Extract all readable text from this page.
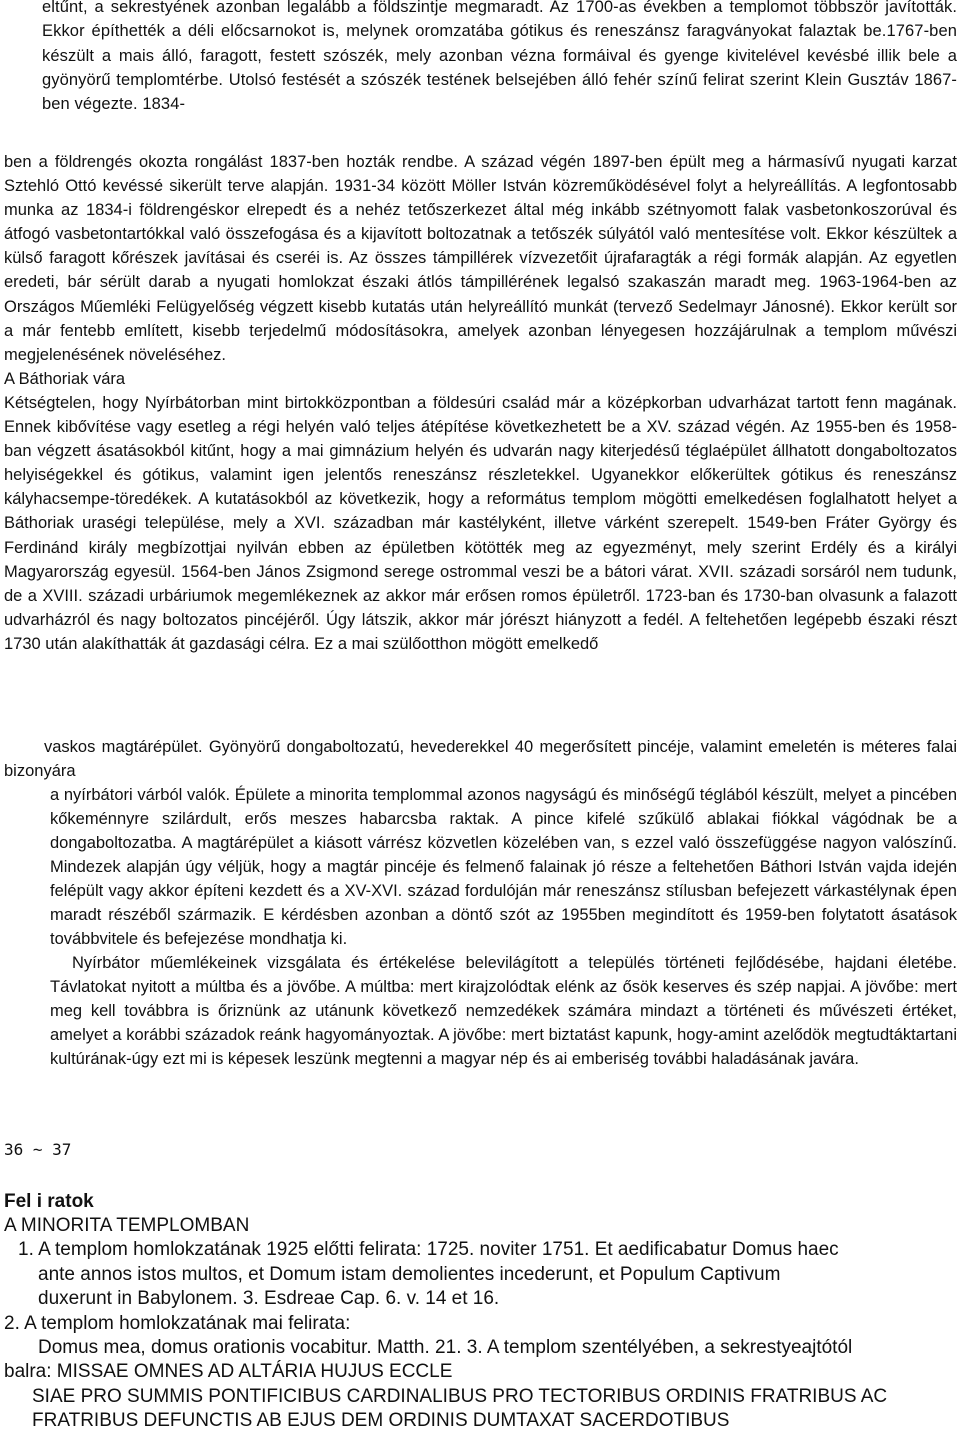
eltűnt, a sekrestyének azonban legalább a földszintje megmaradt. Az 1700-as években a templomot többször javították. Ekkor építhették a déli előcsarnokot is, melynek oromzatába gótikus és reneszánsz faragványokat falaztak be.1767-ben készült a mais álló, faragott, festett szószék, mely azonban vézna formáival és gyenge kivitelével kevésbé illik bele a gyönyörű templomtérbe. Utolsó festését a szószék testének belsejében álló fehér színű felirat szerint Klein Gusztáv 1867-ben végezte. 1834-

ben a földrengés okozta rongálást 1837-ben hozták rendbe. A század végén 1897-ben épült meg a hármasívű nyugati karzat Sztehló Ottó kevéssé sikerült terve alapján. 1931-34 között Möller István közreműködésével folyt a helyreállítás. A legfontosabb munka az 1834-i földrengéskor elrepedt és a nehéz tetőszerkezet által még inkább szétnyomott falak vasbetonkoszorúval és átfogó vasbetontartókkal való összefogása és a kijavított boltozatnak a tetőszék súlyától való mentesítése volt. Ekkor készültek a külső faragott kőrészek javításai és cseréi is. Az összes támpillérek vízvezetőit újrafaragták a régi formák alapján. Az egyetlen eredeti, bár sérült darab a nyugati homlokzat északi átlós támpillérének legalsó szakaszán maradt meg. 1963-1964-ben az Országos Műemléki Felügyelőség végzett kisebb kutatás után helyreállító munkát (tervező Sedelmayr Jánosné). Ekkor került sor a már fentebb említett, kisebb terjedelmű módosításokra, amelyek azonban lényegesen hozzájárulnak a templom művészi megjelenésének növeléséhez.

A Báthoriak vára

Kétségtelen, hogy Nyírbátorban mint birtokközpontban a földesúri család már a középkorban udvarházat tartott fenn magának. Ennek kibővítése vagy esetleg a régi helyén való teljes átépítése következhetett be a XV. század végén. Az 1955-ben és 1958-ban végzett ásatásokból kitűnt, hogy a mai gimnázium helyén és udvarán nagy kiterjedésű téglaépület állhatott dongaboltozatos helyiségekkel és gótikus, valamint igen jelentős reneszánsz részletekkel. Ugyanekkor előkerültek gótikus és reneszánsz kályhacsempe-töredékek. A kutatásokból az következik, hogy a református templom mögötti emelkedésen foglalhatott helyet a Báthoriak uraségi települése, mely a XVI. században már kastélyként, illetve várként szerepelt. 1549-ben Fráter György és Ferdinánd király megbízottjai nyilván ebben az épületben kötötték meg az egyezményt, mely szerint Erdély és a királyi Magyarország egyesül. 1564-ben János Zsigmond serege ostrommal veszi be a bátori várat. XVII. századi sorsáról nem tudunk, de a XVIII. századi urbáriumok megemlékeznek az akkor már erősen romos épületről. 1723-ban és 1730-ban olvasunk a falazott udvarházról és nagy boltozatos pincéjéről. Úgy látszik, akkor már jórészt hiányzott a fedél. A feltehetően legépebb északi részt 1730 után alakíthatták át gazdasági célra. Ez a mai szülőotthon mögött emelkedő

vaskos magtárépület. Gyönyörű dongaboltozatú, hevederekkel 40 megerősített pincéje, valamint emeletén is méteres falai bizonyára

a nyírbátori várból valók. Épülete a minorita templommal azonos nagyságú és minőségű téglából készült, melyet a pincében kőkeménnyre szilárdult, erős meszes habarcsba raktak. A pince kifelé szűkülő ablakai fiókkal vágódnak be a dongaboltozatba. A magtárépület a kiásott várrész közvetlen közelében van, s ezzel való összefüggése nagyon valószínű. Mindezek alapján úgy véljük, hogy a magtár pincéje és felmenő falainak jó része a feltehetően Báthori István vajda idején felépült vagy akkor építeni kezdett és a XV-XVI. század fordulóján már reneszánsz stílusban befejezett várkastélynak épen maradt részéből származik. E kérdésben azonban a döntő szót az 1955ben megindított és 1959-ben folytatott ásatások továbbvitele és befejezése mondhatja ki.

Nyírbátor műemlékeinek vizsgálata és értékelése belevilágított a település történeti fejlődésébe, hajdani életébe. Távlatokat nyitott a múltba és a jövőbe. A múltba: mert kirajzolódtak elénk az ősök keserves és szép napjai. A jövőbe: mert meg kell továbbra is őriznünk az utánunk következő nemzedékek számára mindazt a történeti és művészeti értéket, amelyet a korábbi századok reánk hagyományoztak. A jövőbe: mert biztatást kapunk, hogy-amint azelődök megtudtáktartani kultúrának-úgy ezt mi is képesek leszünk megtenni a magyar nép és ai emberiség további haladásának javára.

36 ~ 37

Fel i ratok

A MINORITA TEMPLOMBAN

1. A templom homlokzatának 1925 előtti felirata: 1725. noviter 1751. Et aedificabatur Domus haec

ante annos istos multos, et Domum istam demolientes incederunt, et Populum Captivum

duxerunt in Babylonem. 3. Esdreae Cap. 6. v. 14 et 16.

2. A templom homlokzatának mai felirata:

Domus mea, domus orationis vocabitur. Matth. 21. 3. A templom szentélyében, a sekrestyeajtótól

balra: MISSAE OMNES AD ALTÁRIA HUJUS ECCLE

SIAE PRO SUMMIS PONTIFICIBUS CARDINALIBUS PRO TECTORIBUS ORDINIS FRATRIBUS AC

FRATRIBUS DEFUNCTIS AB EJUS DEM ORDINIS DUMTAXAT SACERDOTIBUS
